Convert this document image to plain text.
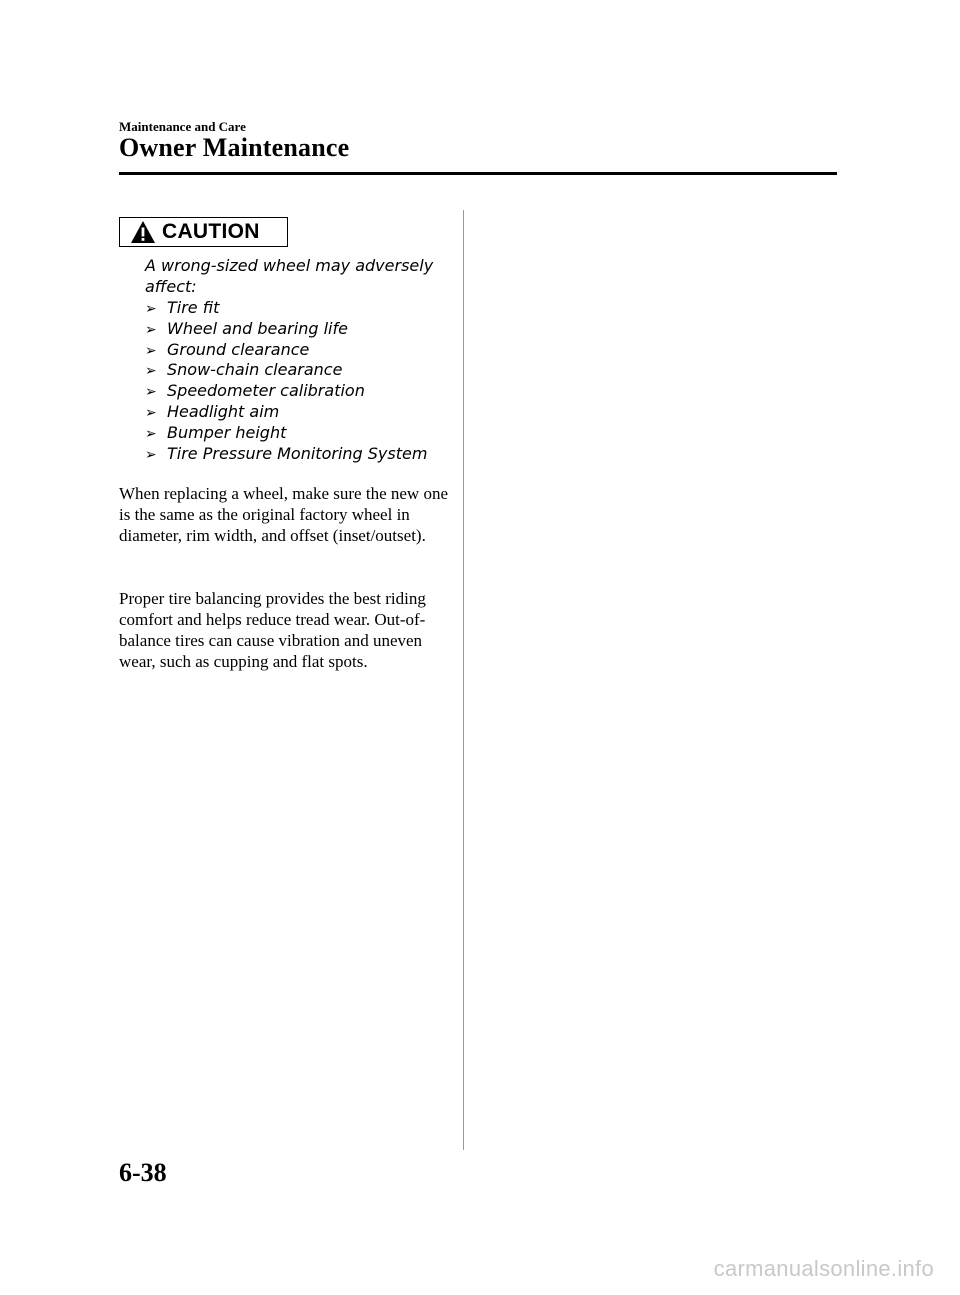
Maintenance and Care
Owner Maintenance
CAUTION

A wrong-sized wheel may adversely affect:

➢ Tire fit
➢ Wheel and bearing life
➢ Ground clearance
➢ Snow-chain clearance
➢ Speedometer calibration
➢ Headlight aim
➢ Bumper height
➢ Tire Pressure Monitoring System

When replacing a wheel, make sure the new one is the same as the original factory wheel in diameter, rim width, and offset (inset/outset).

Proper tire balancing provides the best riding comfort and helps reduce tread wear. Out-of-balance tires can cause vibration and uneven wear, such as cupping and flat spots.

6-38
carmanualsonline.info
